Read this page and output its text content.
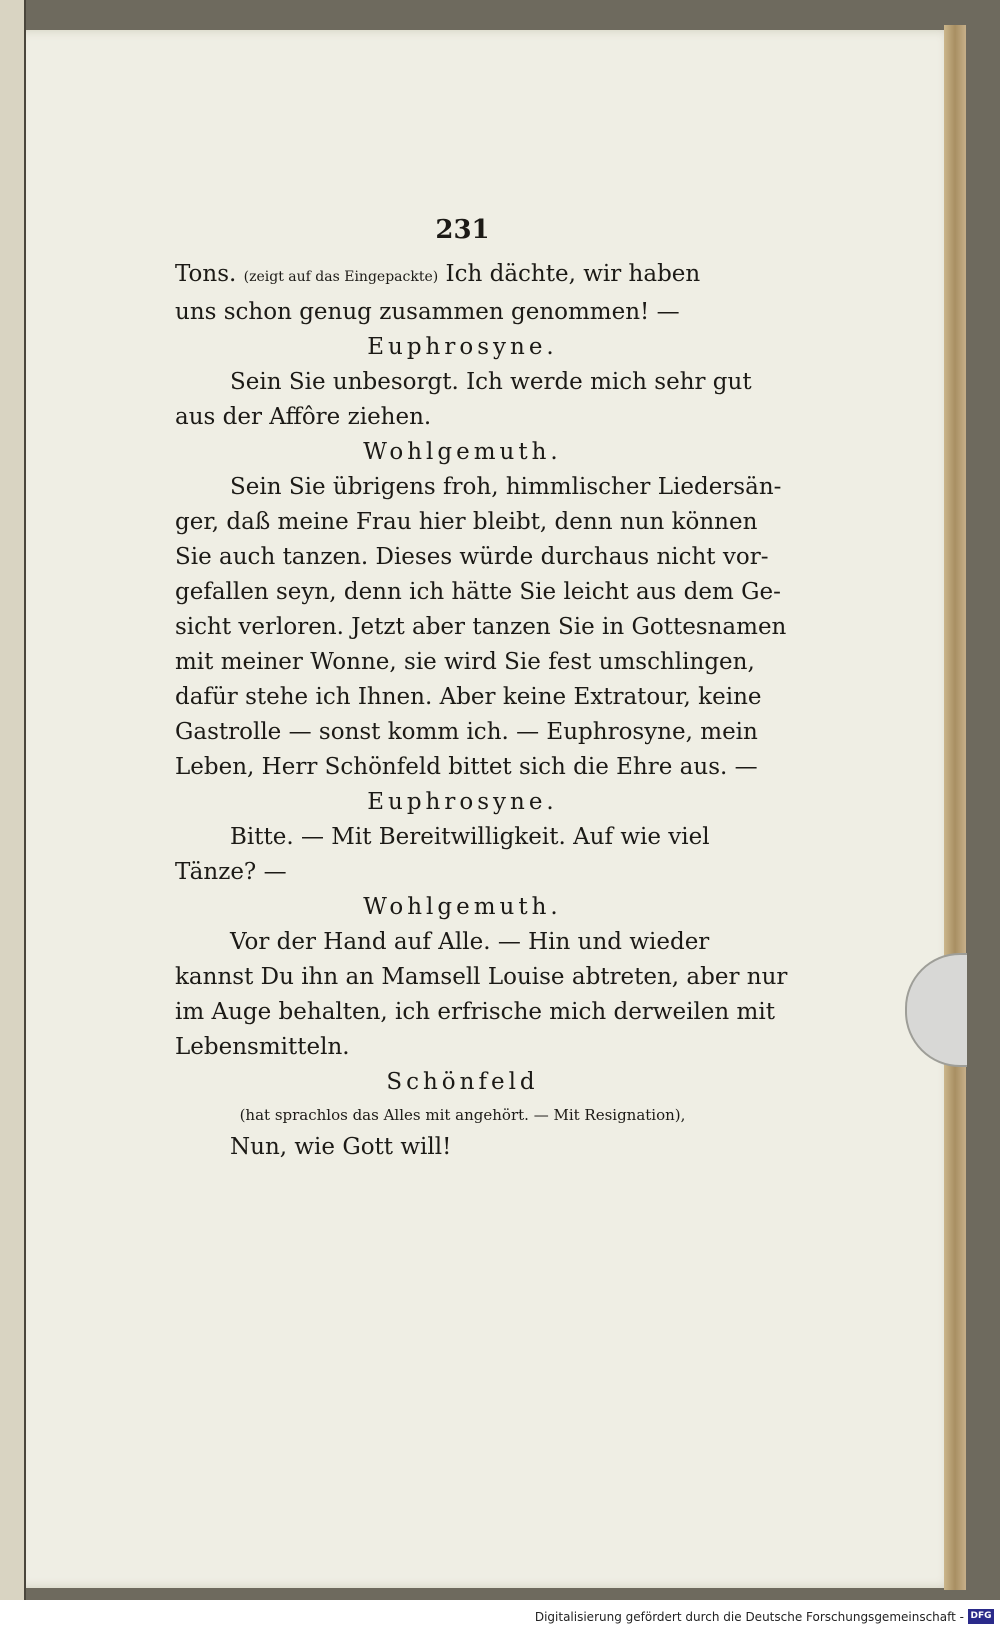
231
Tons. (zeigt auf das Eingepackte) Ich dächte, wir haben
uns schon genug zusammen genommen! —
Euphrosyne.
Sein Sie unbesorgt. Ich werde mich sehr gut
aus der Affôre ziehen.
Wohlgemuth.
Sein Sie übrigens froh, himmlischer Liedersän-
ger, daß meine Frau hier bleibt, denn nun können
Sie auch tanzen. Dieses würde durchaus nicht vor-
gefallen seyn, denn ich hätte Sie leicht aus dem Ge-
sicht verloren. Jetzt aber tanzen Sie in Gottesnamen
mit meiner Wonne, sie wird Sie fest umschlingen,
dafür stehe ich Ihnen. Aber keine Extratour, keine
Gastrolle — sonst komm ich. — Euphrosyne, mein
Leben, Herr Schönfeld bittet sich die Ehre aus. —
Euphrosyne.
Bitte. — Mit Bereitwilligkeit. Auf wie viel
Tänze? —
Wohlgemuth.
Vor der Hand auf Alle. — Hin und wieder
kannst Du ihn an Mamsell Louise abtreten, aber nur
im Auge behalten, ich erfrische mich derweilen mit
Lebensmitteln.
Schönfeld
(hat sprachlos das Alles mit angehört. — Mit Resignation),
Nun, wie Gott will!
Digitalisierung gefördert durch die Deutsche Forschungsgemeinschaft - DFG
